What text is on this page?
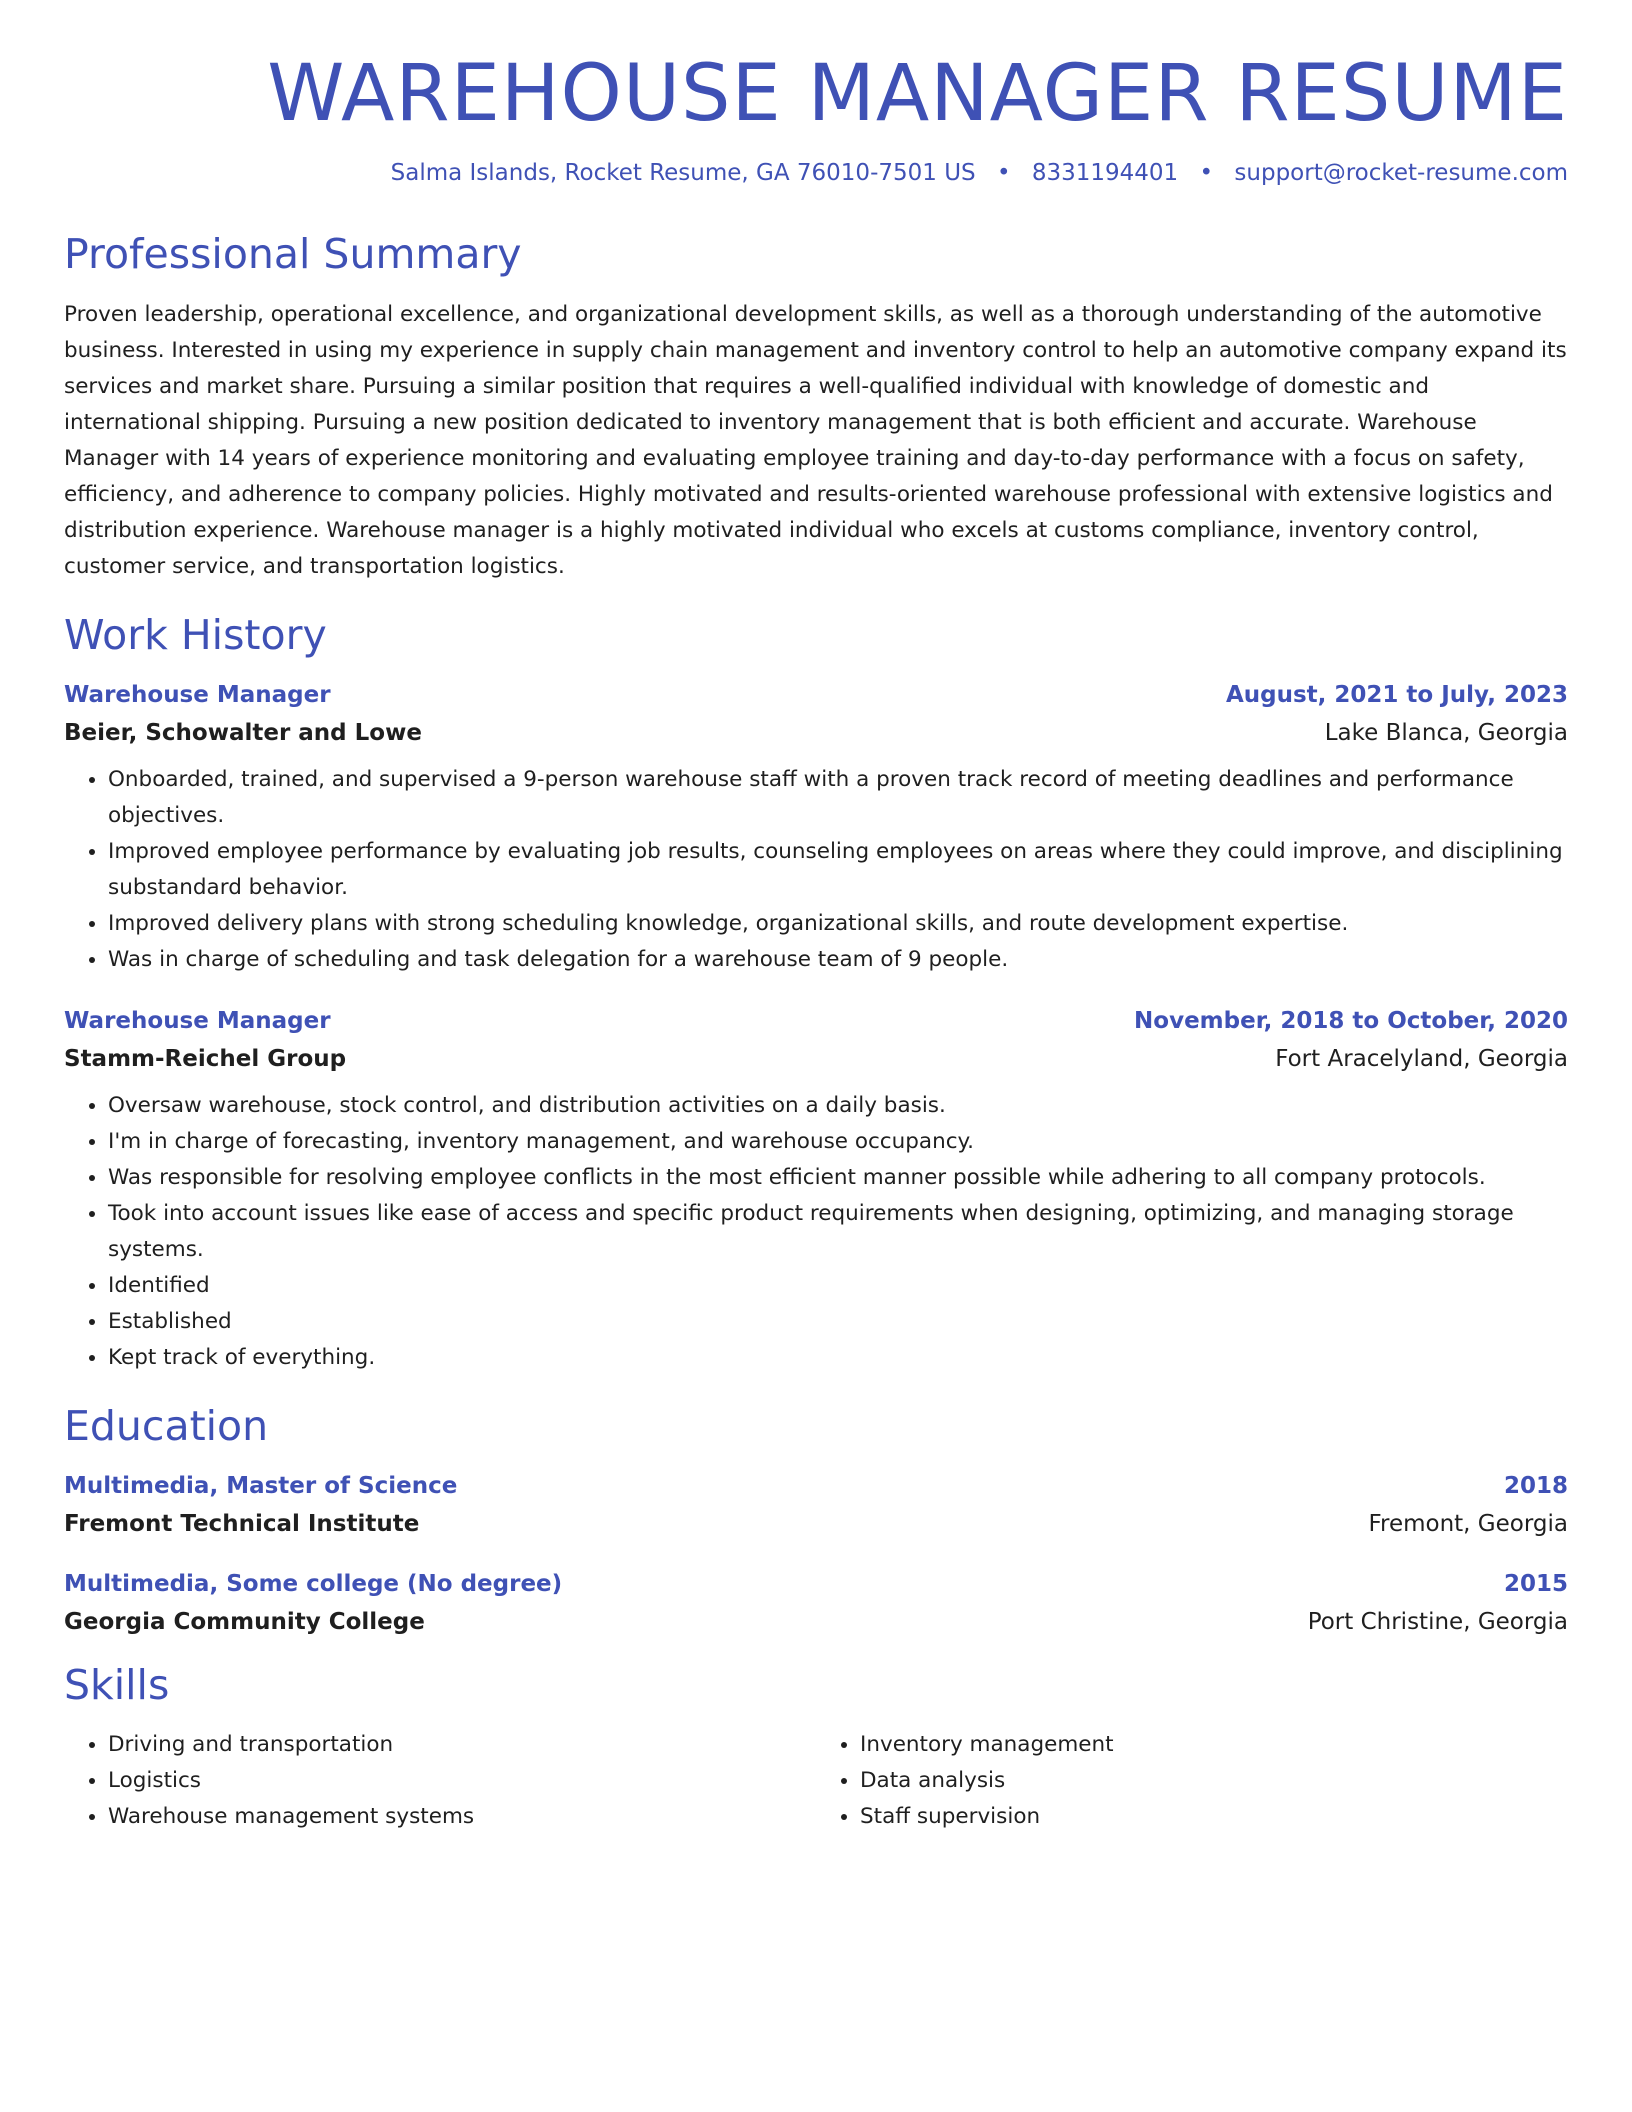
WAREHOUSE MANAGER RESUME
Salma Islands, Rocket Resume, GA 76010-7501 US • 8331194401 • support@rocket-resume.com
Professional Summary
Proven leadership, operational excellence, and organizational development skills, as well as a thorough understanding of the automotive business. Interested in using my experience in supply chain management and inventory control to help an automotive company expand its services and market share. Pursuing a similar position that requires a well-qualified individual with knowledge of domestic and international shipping. Pursuing a new position dedicated to inventory management that is both efficient and accurate. Warehouse Manager with 14 years of experience monitoring and evaluating employee training and day-to-day performance with a focus on safety, efficiency, and adherence to company policies. Highly motivated and results-oriented warehouse professional with extensive logistics and distribution experience. Warehouse manager is a highly motivated individual who excels at customs compliance, inventory control, customer service, and transportation logistics.
Work History
Warehouse Manager	August, 2021 to July, 2023
Beier, Schowalter and Lowe	Lake Blanca, Georgia
• Onboarded, trained, and supervised a 9-person warehouse staff with a proven track record of meeting deadlines and performance objectives.
• Improved employee performance by evaluating job results, counseling employees on areas where they could improve, and disciplining substandard behavior.
• Improved delivery plans with strong scheduling knowledge, organizational skills, and route development expertise.
• Was in charge of scheduling and task delegation for a warehouse team of 9 people.
Warehouse Manager	November, 2018 to October, 2020
Stamm-Reichel Group	Fort Aracelyland, Georgia
• Oversaw warehouse, stock control, and distribution activities on a daily basis.
• I'm in charge of forecasting, inventory management, and warehouse occupancy.
• Was responsible for resolving employee conflicts in the most efficient manner possible while adhering to all company protocols.
• Took into account issues like ease of access and specific product requirements when designing, optimizing, and managing storage systems.
• Identified
• Established
• Kept track of everything.
Education
Multimedia, Master of Science	2018
Fremont Technical Institute	Fremont, Georgia
Multimedia, Some college (No degree)	2015
Georgia Community College	Port Christine, Georgia
Skills
• Driving and transportation
• Logistics
• Warehouse management systems
• Inventory management
• Data analysis
• Staff supervision
